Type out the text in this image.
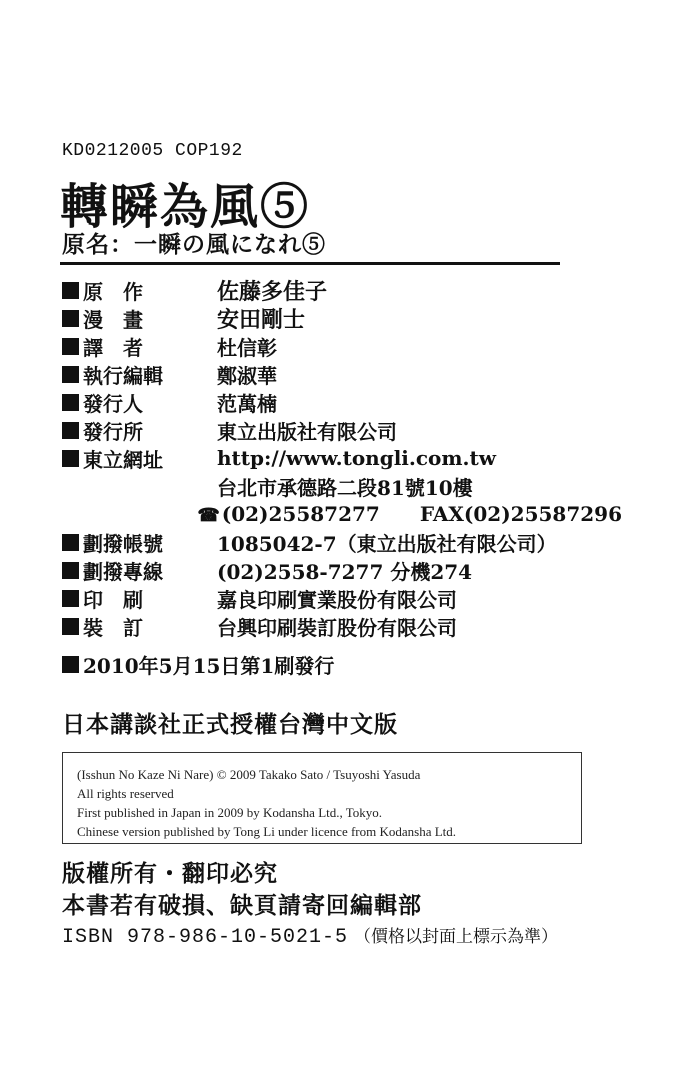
KD0212005 COP192
轉瞬為風⑤
原名：一瞬の風になれ⑤
原　作	佐藤多佳子
漫　畫	安田剛士
譯　者	杜信彰
執行編輯	鄭淑華
發行人	范萬楠
發行所	東立出版社有限公司
東立網址	http://www.tongli.com.tw
台北市承德路二段81號10樓
☎ (02)25587277 FAX(02)25587296
劃撥帳號	1085042-7（東立出版社有限公司）
劃撥專線	(02)2558-7277 分機274
印　刷	嘉良印刷實業股份有限公司
裝　訂	台興印刷裝訂股份有限公司
2010年5月15日第1刷發行
日本講談社正式授權台灣中文版
(Isshun No Kaze Ni Nare) © 2009 Takako Sato / Tsuyoshi Yasuda
All rights reserved
First published in Japan in 2009 by Kodansha Ltd., Tokyo.
Chinese version published by Tong Li under licence from Kodansha Ltd.
版權所有・翻印必究
本書若有破損、缺頁請寄回編輯部
ISBN 978-986-10-5021-5 （價格以封面上標示為準）
